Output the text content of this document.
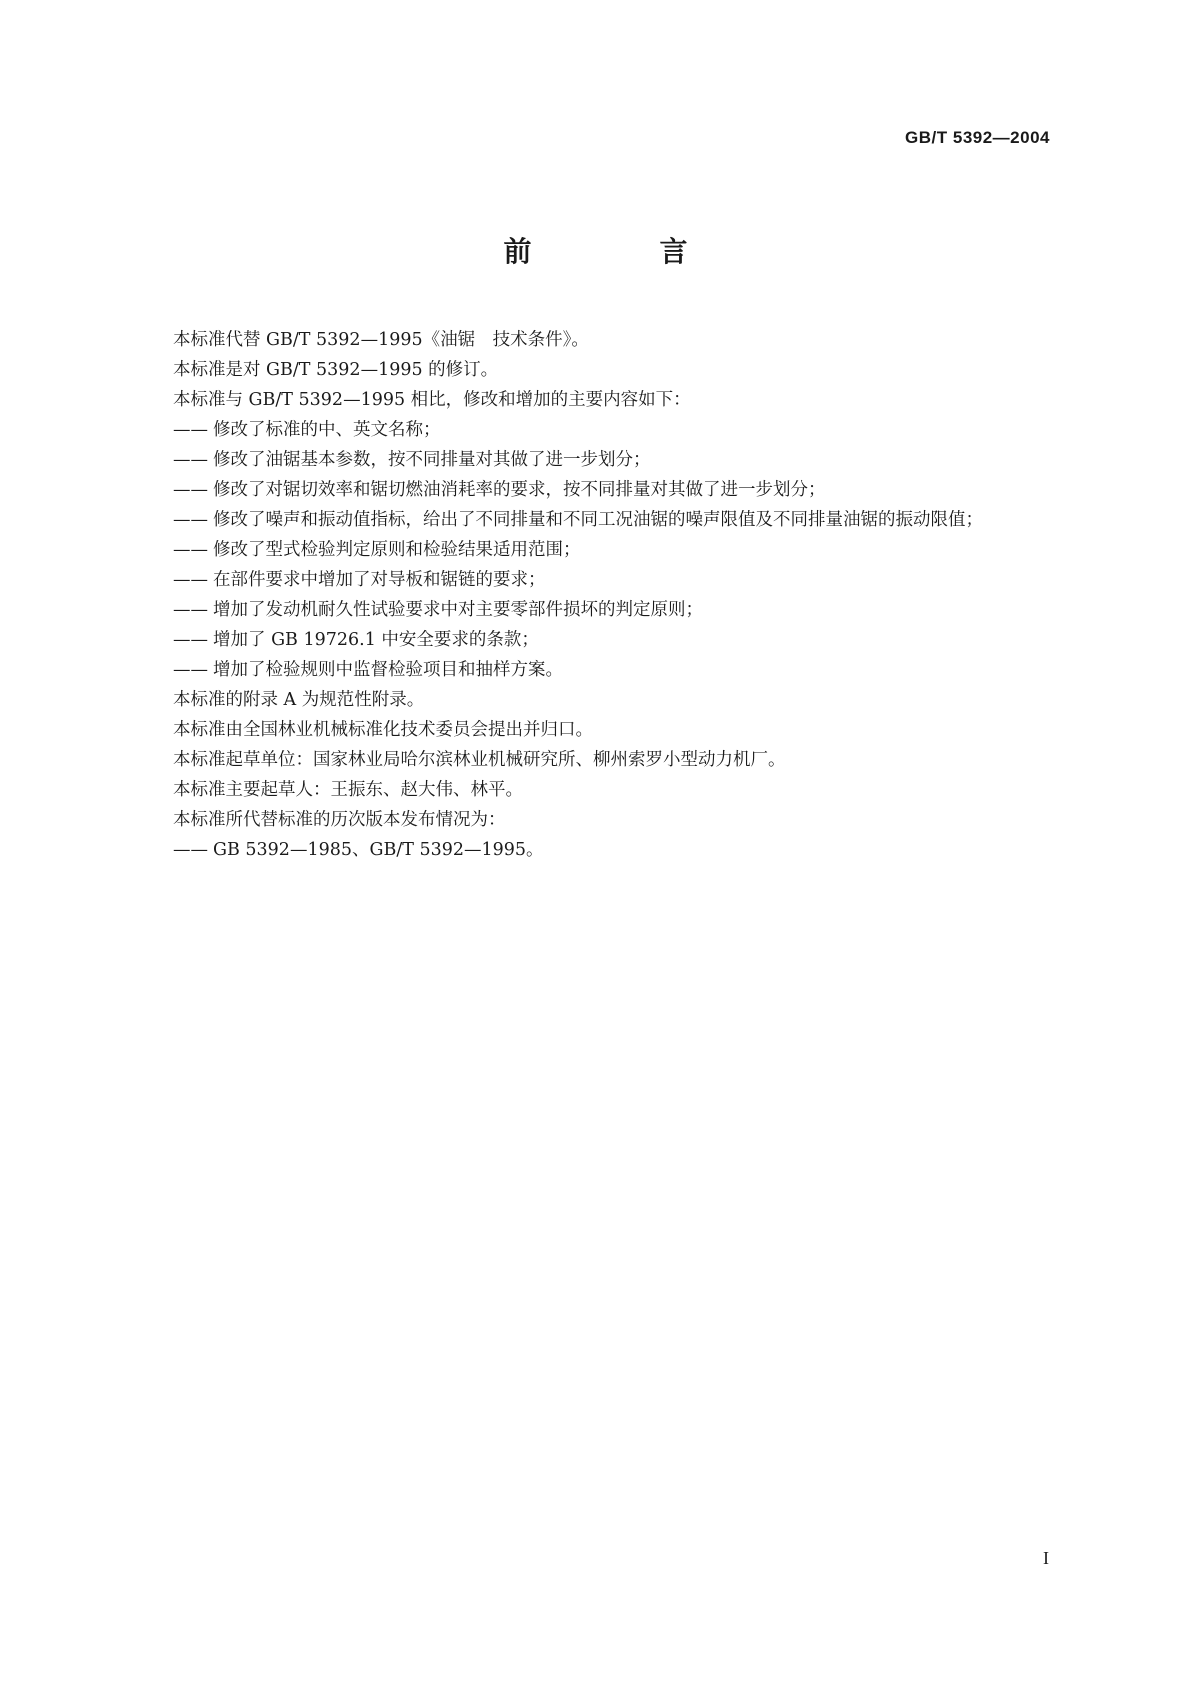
GB/T 5392—2004
前　言
本标准代替 GB/T 5392—1995《油锯　技术条件》。
本标准是对 GB/T 5392—1995 的修订。
本标准与 GB/T 5392—1995 相比，修改和增加的主要内容如下：
—— 修改了标准的中、英文名称；
—— 修改了油锯基本参数，按不同排量对其做了进一步划分；
—— 修改了对锯切效率和锯切燃油消耗率的要求，按不同排量对其做了进一步划分；
—— 修改了噪声和振动值指标，给出了不同排量和不同工况油锯的噪声限值及不同排量油锯的振动限值；
—— 修改了型式检验判定原则和检验结果适用范围；
—— 在部件要求中增加了对导板和锯链的要求；
—— 增加了发动机耐久性试验要求中对主要零部件损坏的判定原则；
—— 增加了 GB 19726.1 中安全要求的条款；
—— 增加了检验规则中监督检验项目和抽样方案。
本标准的附录 A 为规范性附录。
本标准由全国林业机械标准化技术委员会提出并归口。
本标准起草单位：国家林业局哈尔滨林业机械研究所、柳州索罗小型动力机厂。
本标准主要起草人：王振东、赵大伟、林平。
本标准所代替标准的历次版本发布情况为：
—— GB 5392—1985、GB/T 5392—1995。
I
